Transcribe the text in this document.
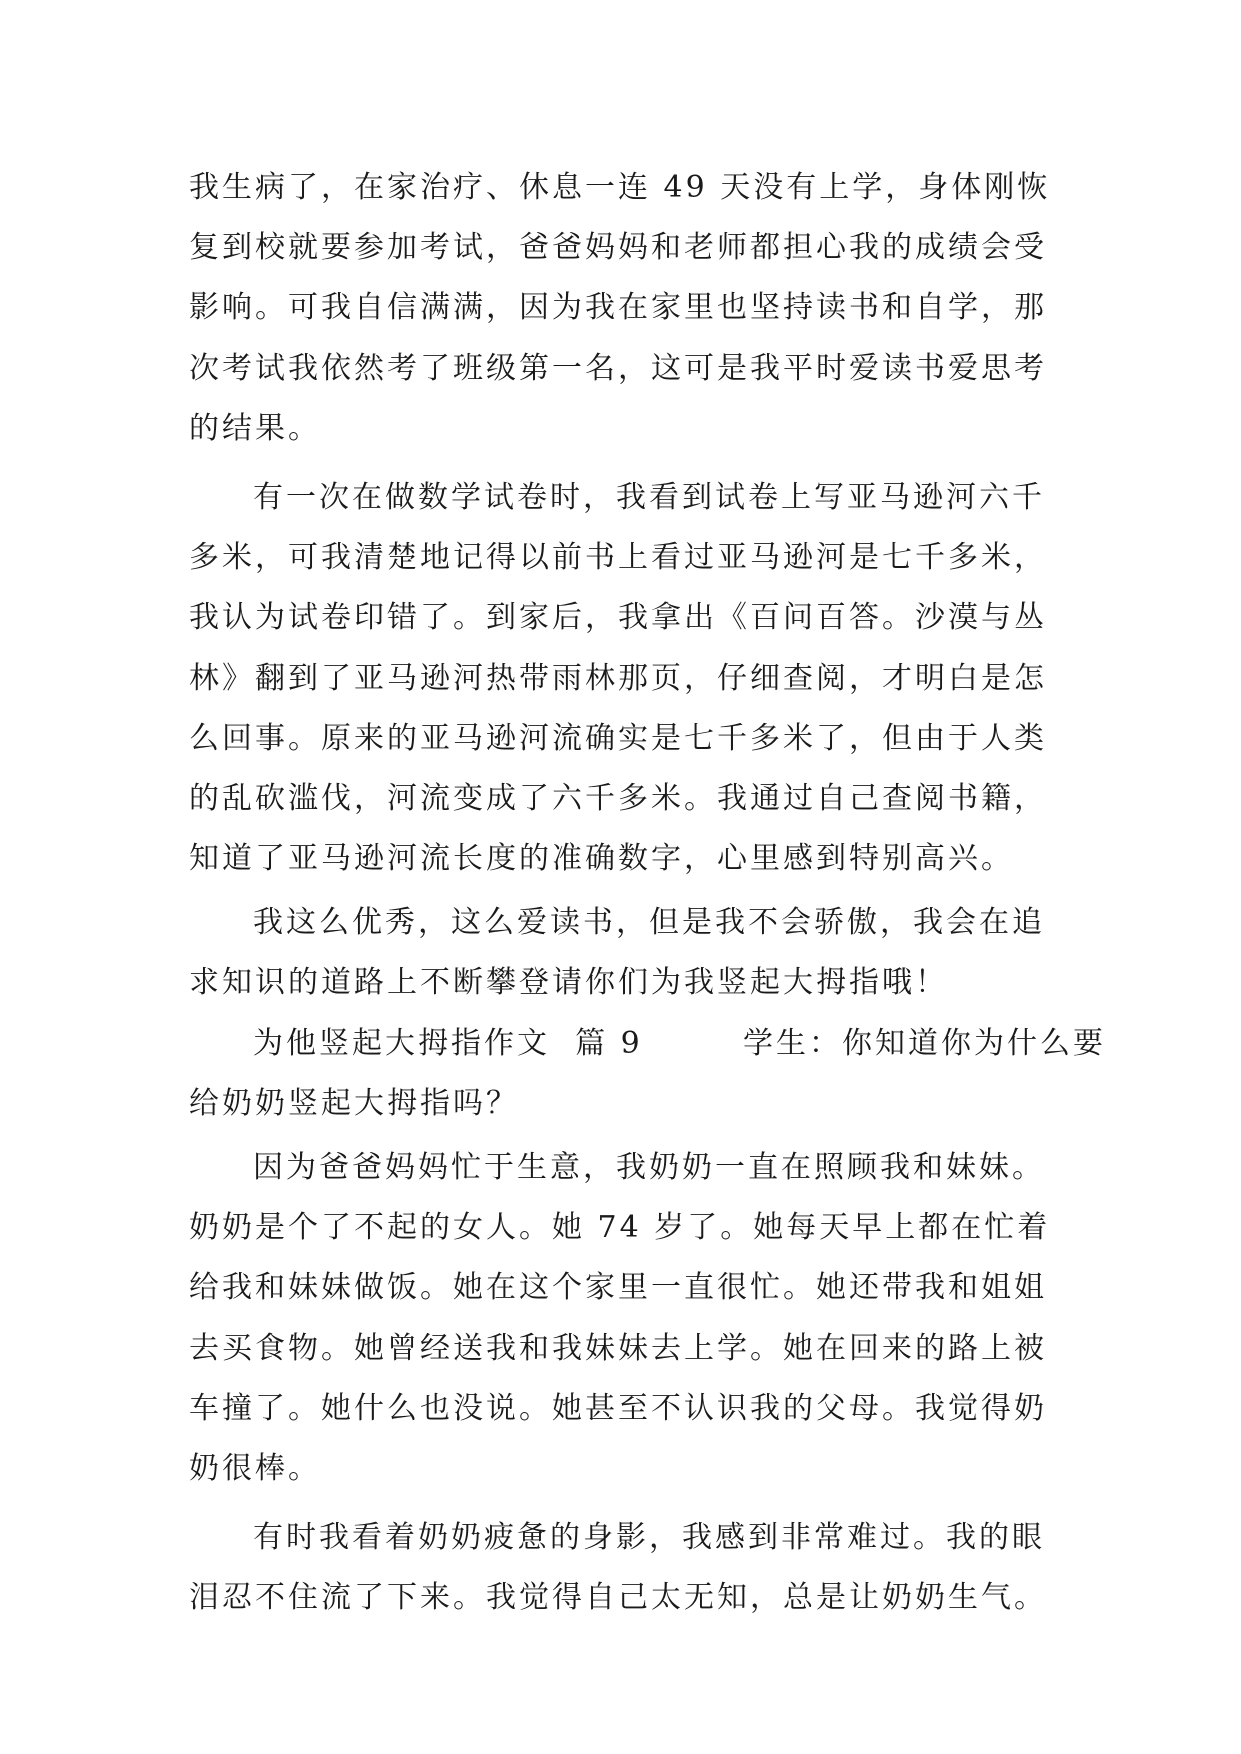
我生病了，在家治疗、休息一连 49 天没有上学，身体刚恢
复到校就要参加考试，爸爸妈妈和老师都担心我的成绩会受
影响。可我自信满满，因为我在家里也坚持读书和自学，那
次考试我依然考了班级第一名，这可是我平时爱读书爱思考
的结果。
有一次在做数学试卷时，我看到试卷上写亚马逊河六千
多米，可我清楚地记得以前书上看过亚马逊河是七千多米，
我认为试卷印错了。到家后，我拿出《百问百答。沙漠与丛
林》翻到了亚马逊河热带雨林那页，仔细查阅，才明白是怎
么回事。原来的亚马逊河流确实是七千多米了，但由于人类
的乱砍滥伐，河流变成了六千多米。我通过自己查阅书籍，
知道了亚马逊河流长度的准确数字，心里感到特别高兴。
我这么优秀，这么爱读书，但是我不会骄傲，我会在追
求知识的道路上不断攀登请你们为我竖起大拇指哦！
为他竖起大拇指作文  篇 9        学生：你知道你为什么要
给奶奶竖起大拇指吗？
因为爸爸妈妈忙于生意，我奶奶一直在照顾我和妹妹。
奶奶是个了不起的女人。她 74 岁了。她每天早上都在忙着
给我和妹妹做饭。她在这个家里一直很忙。她还带我和姐姐
去买食物。她曾经送我和我妹妹去上学。她在回来的路上被
车撞了。她什么也没说。她甚至不认识我的父母。我觉得奶
奶很棒。
有时我看着奶奶疲惫的身影，我感到非常难过。我的眼
泪忍不住流了下来。我觉得自己太无知，总是让奶奶生气。
